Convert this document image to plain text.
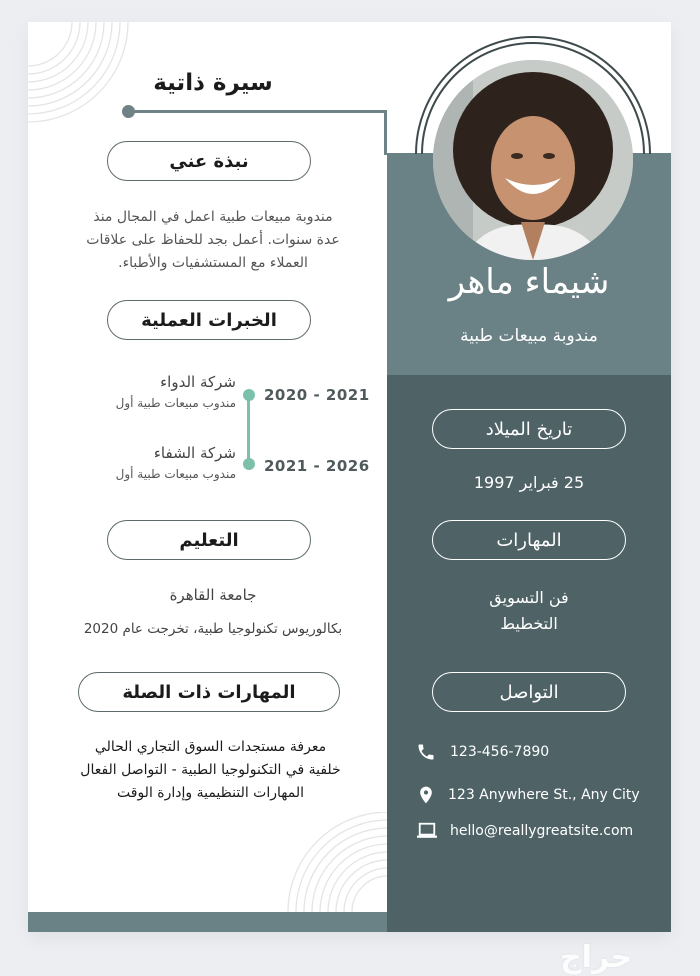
سيرة ذاتية
نبذة عني
مندوبة مبيعات طبية اعمل في المجال منذ
عدة سنوات. أعمل بجد للحفاظ على علاقات
العملاء مع المستشفيات والأطباء.
الخبرات العملية
شركة الدواء
مندوب مبيعات طبية أول 2020 - 2021
شركة الشفاء
مندوب مبيعات طبية أول 2021 - 2026
التعليم
جامعة القاهرة
بكالوريوس تكنولوجيا طبية، تخرجت عام 2020
المهارات ذات الصلة
معرفة مستجدات السوق التجاري الحالي
خلفية في التكنولوجيا الطبية - التواصل الفعال
المهارات التنظيمية وإدارة الوقت
شيماء ماهر
مندوبة مبيعات طبية
تاريخ الميلاد
25 فبراير 1997
المهارات
فن التسويق
التخطيط
التواصل
123-456-7890
123 Anywhere St., Any City
hello@reallygreatsite.com
حراج
